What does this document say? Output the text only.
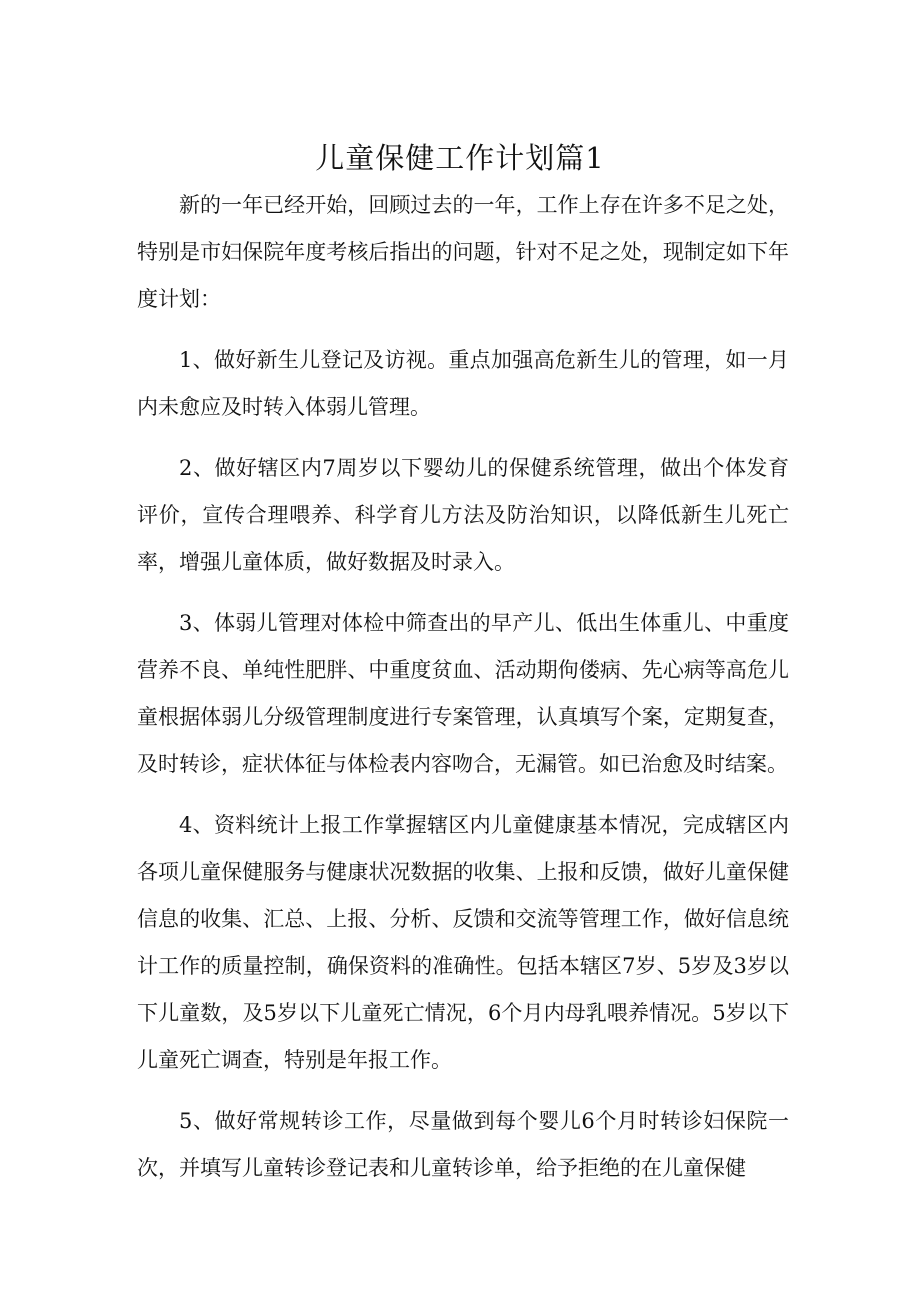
儿童保健工作计划篇1

新的一年已经开始，回顾过去的一年，工作上存在许多不足之处，特别是市妇保院年度考核后指出的问题，针对不足之处，现制定如下年度计划：

1、做好新生儿登记及访视。重点加强高危新生儿的管理，如一月内未愈应及时转入体弱儿管理。

2、做好辖区内7周岁以下婴幼儿的保健系统管理，做出个体发育评价，宣传合理喂养、科学育儿方法及防治知识，以降低新生儿死亡率，增强儿童体质，做好数据及时录入。

3、体弱儿管理对体检中筛查出的早产儿、低出生体重儿、中重度营养不良、单纯性肥胖、中重度贫血、活动期佝偻病、先心病等高危儿童根据体弱儿分级管理制度进行专案管理，认真填写个案，定期复查，及时转诊，症状体征与体检表内容吻合，无漏管。如已治愈及时结案。

4、资料统计上报工作掌握辖区内儿童健康基本情况，完成辖区内各项儿童保健服务与健康状况数据的收集、上报和反馈，做好儿童保健信息的收集、汇总、上报、分析、反馈和交流等管理工作，做好信息统计工作的质量控制，确保资料的准确性。包括本辖区7岁、5岁及3岁以下儿童数，及5岁以下儿童死亡情况，6个月内母乳喂养情况。5岁以下儿童死亡调查，特别是年报工作。

5、做好常规转诊工作，尽量做到每个婴儿6个月时转诊妇保院一次，并填写儿童转诊登记表和儿童转诊单，给予拒绝的在儿童保健
